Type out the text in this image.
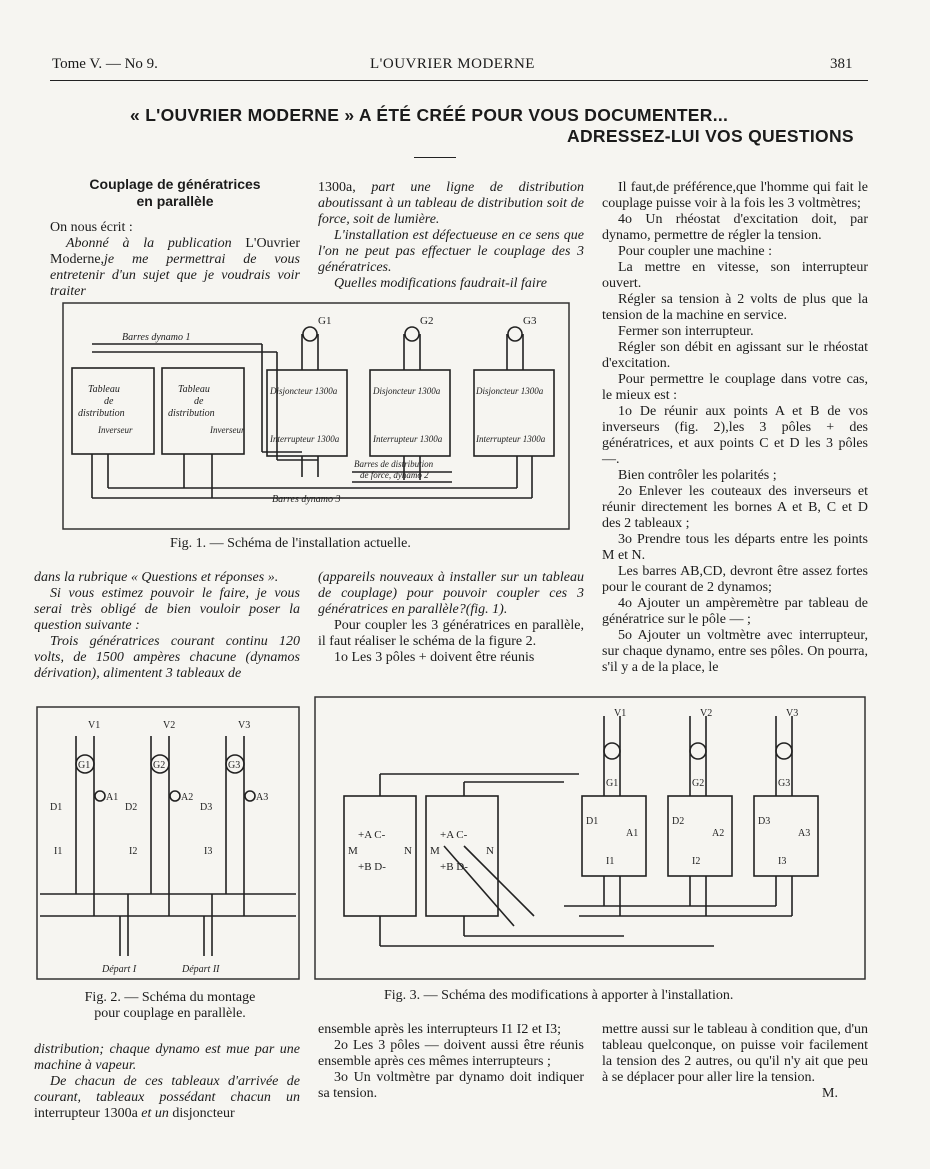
Tome V. — No 9.	L'OUVRIER MODERNE	381
« L'OUVRIER MODERNE » A ÉTÉ CRÉÉ POUR VOUS DOCUMENTER...
ADRESSEZ-LUI VOS QUESTIONS
Couplage de génératrices
en parallèle

On nous écrit :

Abonné à la publication L'Ouvrier Moderne,je me permettrai de vous entretenir d'un sujet que je voudrais voir traiter

1300a, part une ligne de distribution aboutissant à un tableau de distribution soit de force, soit de lumière.

L'installation est défectueuse en ce sens que l'on ne peut pas effectuer le couplage des 3 génératrices.

Quelles modifications faudrait-il faire

Il faut,de préférence,que l'homme qui fait le couplage puisse voir à la fois les 3 voltmètres;

4o Un rhéostat d'excitation doit, par dynamo, permettre de régler la tension.

Pour coupler une machine :

La mettre en vitesse, son interrupteur ouvert.

Régler sa tension à 2 volts de plus que la tension de la machine en service.

Fermer son interrupteur.

Régler son débit en agissant sur le rhéostat d'excitation.

Pour permettre le couplage dans votre cas, le mieux est :

1o De réunir aux points A et B de vos inverseurs (fig. 2),les 3 pôles + des génératrices, et aux points C et D les 3 pôles —.

Bien contrôler les polarités ;

2o Enlever les couteaux des inverseurs et réunir directement les bornes A et B, C et D des 2 tableaux ;

3o Prendre tous les départs entre les points M et N.

Les barres AB,CD, devront être assez fortes pour le courant de 2 dynamos;

4o Ajouter un ampèremètre par tableau de génératrice sur le pôle — ;

5o Ajouter un voltmètre avec interrupteur, sur chaque dynamo, entre ses pôles. On pourra, s'il y a de la place, le

Barres dynamo 1
Barres dynamo 3
Tableau
de
distribution
Tableau
de
distribution
Inverseur	Inverseur
Disjoncteur 1300a	Disjoncteur 1300a	Disjoncteur 1300a
Interrupteur 1300a	Interrupteur 1300a	Interrupteur 1300a
G1	G2	G3
Barres de distribution
de force, dynamo 2
Fig. 1. — Schéma de l'installation actuelle.

dans la rubrique « Questions et réponses ».

Si vous estimez pouvoir le faire, je vous serai très obligé de bien vouloir poser la question suivante :

Trois génératrices courant continu 120 volts, de 1500 ampères chacune (dynamos dérivation), alimentent 3 tableaux de

(appareils nouveaux à installer sur un tableau de couplage) pour pouvoir coupler ces 3 génératrices en parallèle?(fig. 1).

Pour coupler les 3 génératrices en parallèle, il faut réaliser le schéma de la figure 2.

1o Les 3 pôles + doivent être réunis

V1	V2	V3
G1	G2	G3
A1	A2	A3
D1	D2	D3
I1	I2	I3
Départ I	Départ II
Fig. 2. — Schéma du montage
pour couplage en parallèle.
V1	V2	V3
G1	G2	G3
A1	A2	A3
D1	D2	D3
I1	I2	I3
+A C-	+A C-
M	N M	N
+B D-	+B D-
Fig. 3. — Schéma des modifications à apporter à l'installation.

distribution; chaque dynamo est mue par une machine à vapeur.

De chacun de ces tableaux d'arrivée de courant, tableaux possédant chacun un interrupteur 1300a et un disjoncteur

ensemble après les interrupteurs I1 I2 et I3;

2o Les 3 pôles — doivent aussi être réunis ensemble après ces mêmes interrupteurs ;

3o Un voltmètre par dynamo doit indiquer sa tension.

mettre aussi sur le tableau à condition que, d'un tableau quelconque, on puisse voir facilement la tension des 2 autres, ou qu'il n'y ait que peu à se déplacer pour aller lire la tension.

M.
